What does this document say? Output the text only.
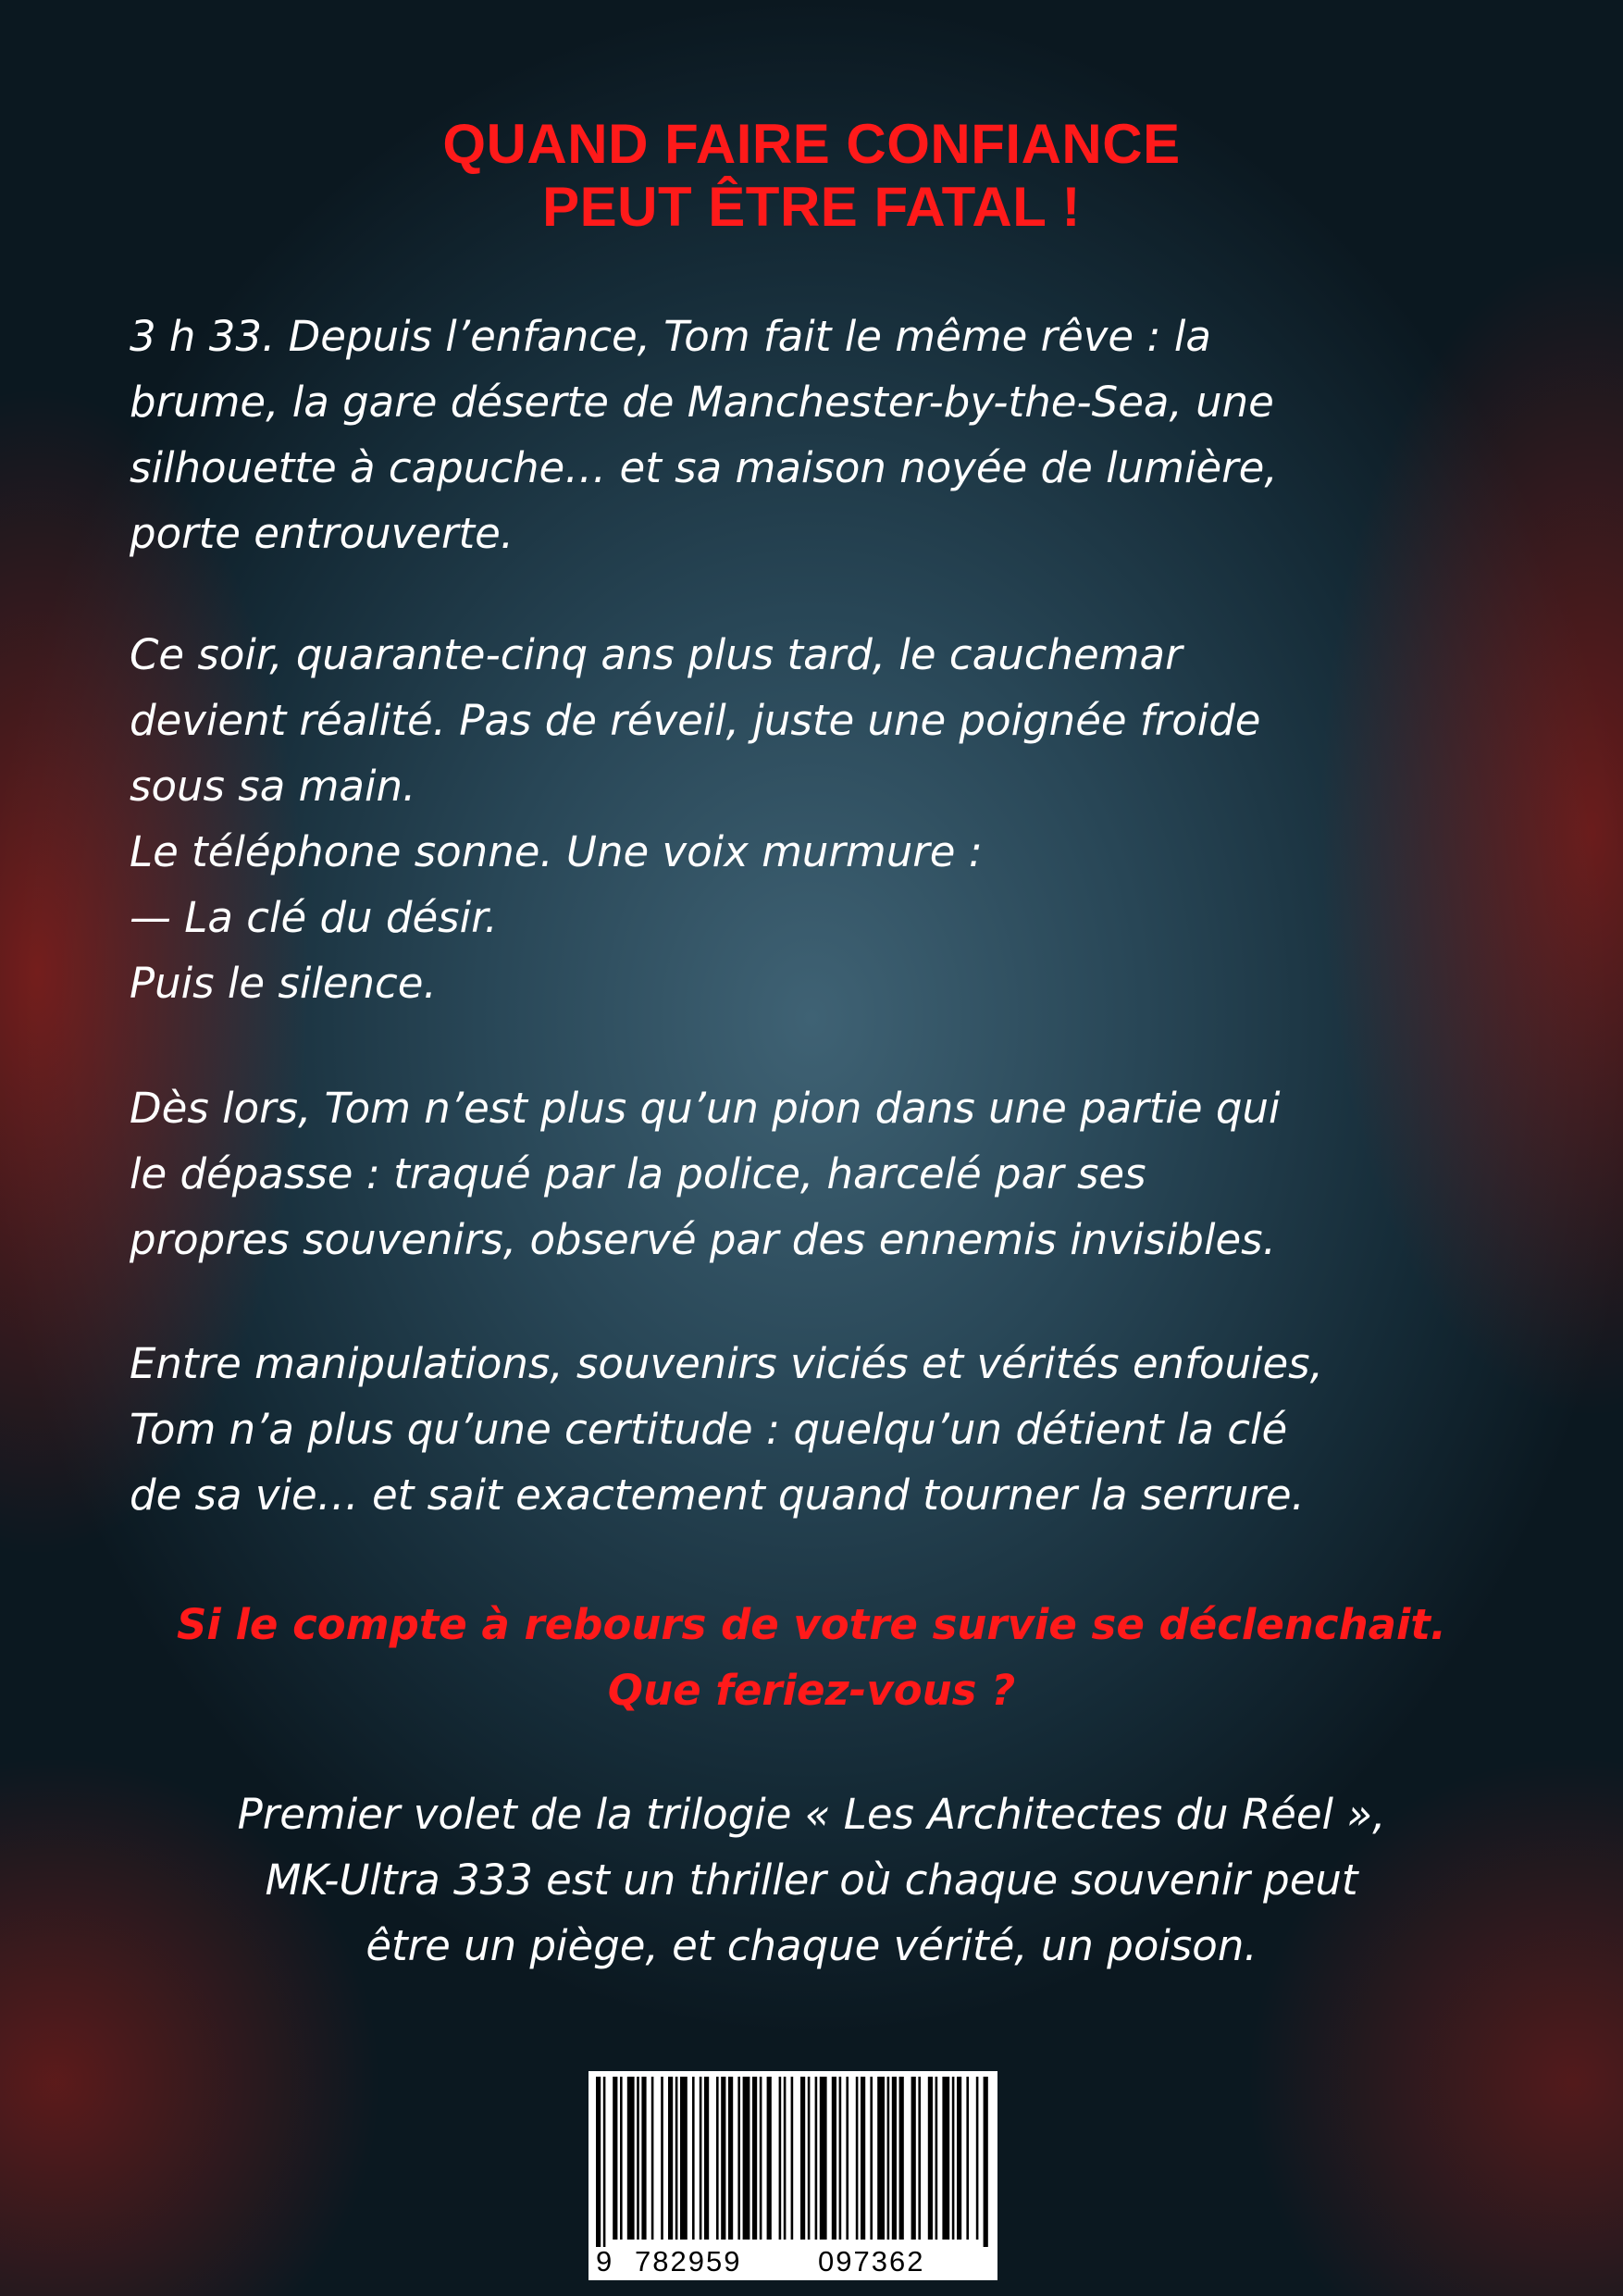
QUAND FAIRE CONFIANCE
PEUT ÊTRE FATAL !
3 h 33. Depuis l’enfance, Tom fait le même rêve : la
brume, la gare déserte de Manchester-by-the-Sea, une
silhouette à capuche… et sa maison noyée de lumière,
porte entrouverte.
Ce soir, quarante-cinq ans plus tard, le cauchemar
devient réalité. Pas de réveil, juste une poignée froide
sous sa main.
Le téléphone sonne. Une voix murmure :
— La clé du désir.
Puis le silence.
Dès lors, Tom n’est plus qu’un pion dans une partie qui
le dépasse : traqué par la police, harcelé par ses
propres souvenirs, observé par des ennemis invisibles.
Entre manipulations, souvenirs viciés et vérités enfouies,
Tom n’a plus qu’une certitude : quelqu’un détient la clé
de sa vie… et sait exactement quand tourner la serrure.
Si le compte à rebours de votre survie se déclenchait.
Que feriez-vous ?
Premier volet de la trilogie « Les Architectes du Réel »,
MK-Ultra 333 est un thriller où chaque souvenir peut
être un piège, et chaque vérité, un poison.
9 782959	097362
